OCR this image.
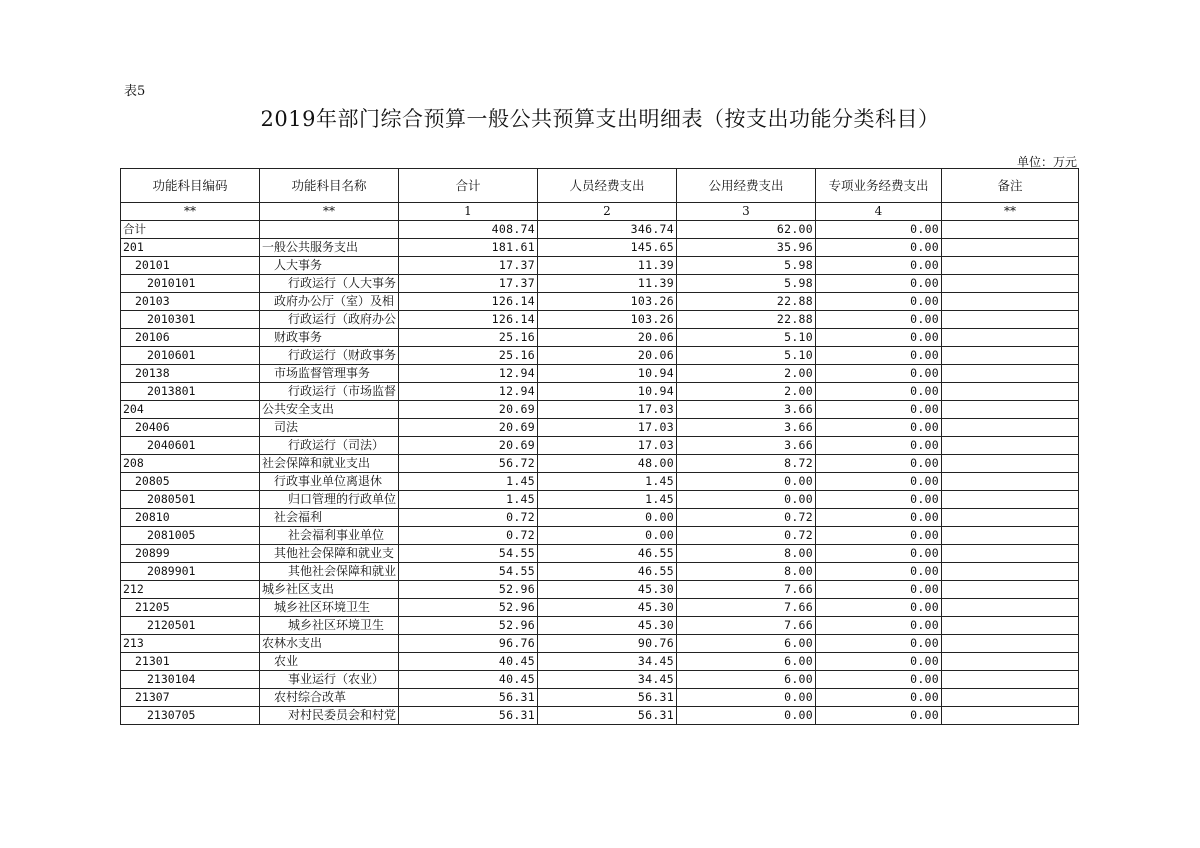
表5
2019年部门综合预算一般公共预算支出明细表（按支出功能分类科目）
单位：万元
功能科目编码	功能科目名称	合计	人员经费支出	公用经费支出	专项业务经费支出	备注
**	**	1	2	3	4	**
合计		408.74	346.74	62.00	0.00	
201	一般公共服务支出	181.61	145.65	35.96	0.00	
20101	人大事务	17.37	11.39	5.98	0.00	
2010101	行政运行（人大事务	17.37	11.39	5.98	0.00	
20103	政府办公厅（室）及相	126.14	103.26	22.88	0.00	
2010301	行政运行（政府办公	126.14	103.26	22.88	0.00	
20106	财政事务	25.16	20.06	5.10	0.00	
2010601	行政运行（财政事务	25.16	20.06	5.10	0.00	
20138	市场监督管理事务	12.94	10.94	2.00	0.00	
2013801	行政运行（市场监督	12.94	10.94	2.00	0.00	
204	公共安全支出	20.69	17.03	3.66	0.00	
20406	司法	20.69	17.03	3.66	0.00	
2040601	行政运行（司法）	20.69	17.03	3.66	0.00	
208	社会保障和就业支出	56.72	48.00	8.72	0.00	
20805	行政事业单位离退休	1.45	1.45	0.00	0.00	
2080501	归口管理的行政单位	1.45	1.45	0.00	0.00	
20810	社会福利	0.72	0.00	0.72	0.00	
2081005	社会福利事业单位	0.72	0.00	0.72	0.00	
20899	其他社会保障和就业支	54.55	46.55	8.00	0.00	
2089901	其他社会保障和就业	54.55	46.55	8.00	0.00	
212	城乡社区支出	52.96	45.30	7.66	0.00	
21205	城乡社区环境卫生	52.96	45.30	7.66	0.00	
2120501	城乡社区环境卫生	52.96	45.30	7.66	0.00	
213	农林水支出	96.76	90.76	6.00	0.00	
21301	农业	40.45	34.45	6.00	0.00	
2130104	事业运行（农业）	40.45	34.45	6.00	0.00	
21307	农村综合改革	56.31	56.31	0.00	0.00	
2130705	对村民委员会和村党	56.31	56.31	0.00	0.00	
